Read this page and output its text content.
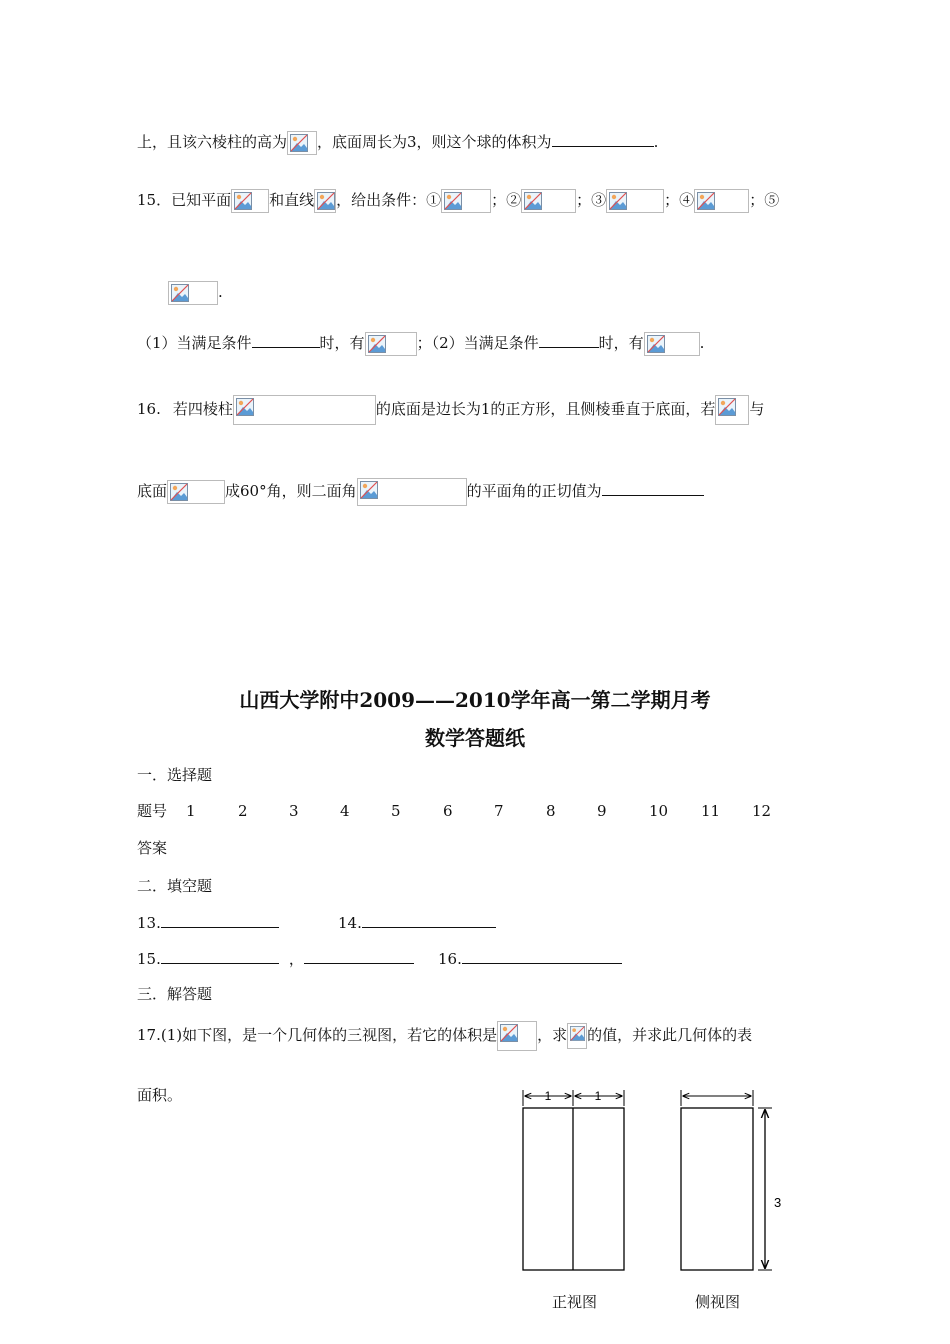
上，且该六棱柱的高为 ，底面周长为3，则这个球的体积为	.
15．已知平面	和直线 ，给出条件：①	；②	；③	；④	；⑤
.
（1）当满足条件	时，有	；（2）当满足条件	时，有	.
16. 若四棱柱	的底面是边长为1的正方形，且侧棱垂直于底面，若 与
底面	成60°角，则二面角	的平面角的正切值为
山西大学附中2009——2010学年高一第二学期月考
数学答题纸
一．选择题
题号 1	2	3	4	5	6	7	8	9	10 11 12
答案
二．填空题
13.	14.
15.	，	16.
三．解答题
17.(1)如下图，是一个几何体的三视图，若它的体积是	，求 的值，并求此几何体的表
面积。	1	1
3
正视图	侧视图
